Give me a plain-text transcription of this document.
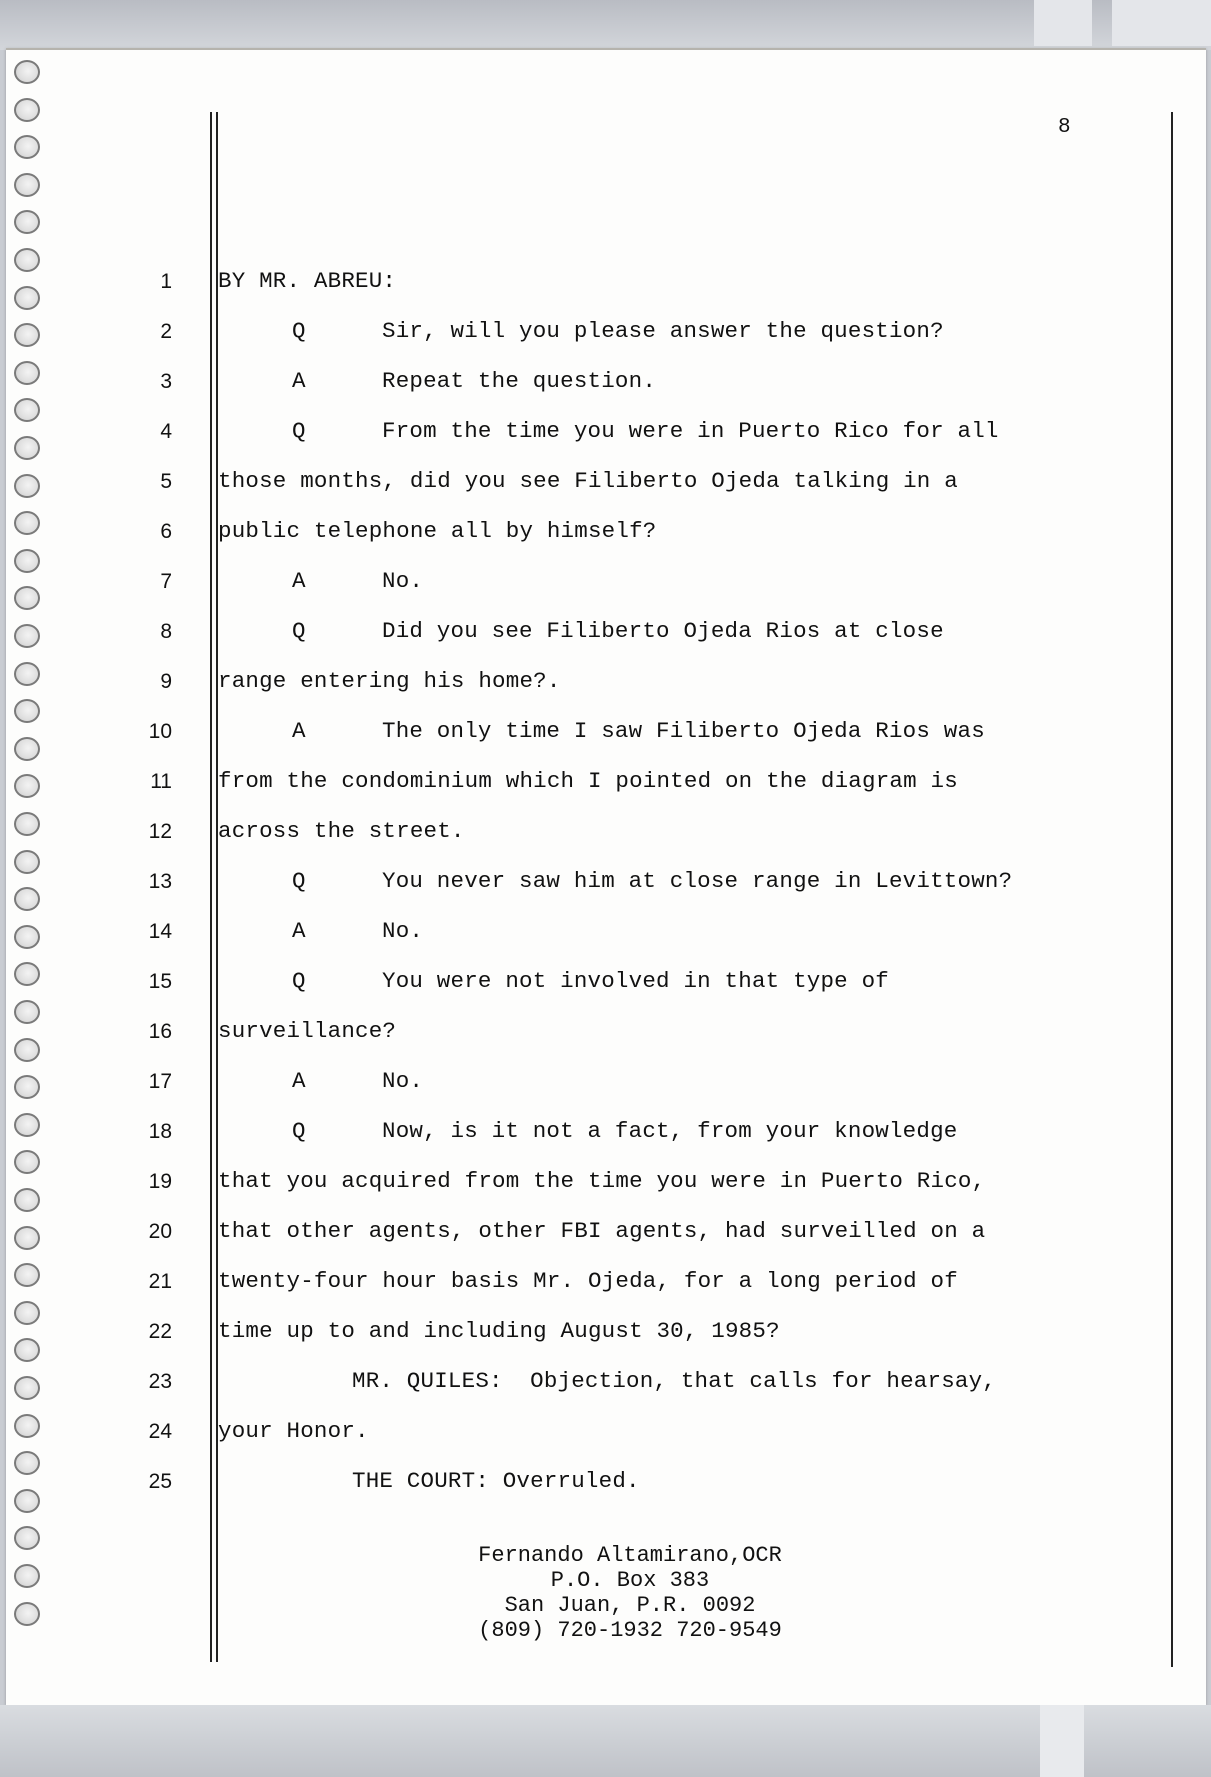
8
1 BY MR. ABREU:
2	Q	Sir, will you please answer the question?
3	A	Repeat the question.
4	Q	From the time you were in Puerto Rico for all
5 those months, did you see Filiberto Ojeda talking in a
6 public telephone all by himself?
7	A	No.
8	Q	Did you see Filiberto Ojeda Rios at close
9 range entering his home?.
10	A	The only time I saw Filiberto Ojeda Rios was
11 from the condominium which I pointed on the diagram is
12 across the street.
13	Q	You never saw him at close range in Levittown?
14	A	No.
15	Q	You were not involved in that type of
16 surveillance?
17	A	No.
18	Q	Now, is it not a fact, from your knowledge
19 that you acquired from the time you were in Puerto Rico,
20 that other agents, other FBI agents, had surveilled on a
21 twenty-four hour basis Mr. Ojeda, for a long period of
22 time up to and including August 30, 1985?
23	MR. QUILES:  Objection, that calls for hearsay,
24 your Honor.
25	THE COURT: Overruled.
Fernando Altamirano,OCR
P.O. Box 383
San Juan, P.R. 0092
(809) 720-1932 720-9549
